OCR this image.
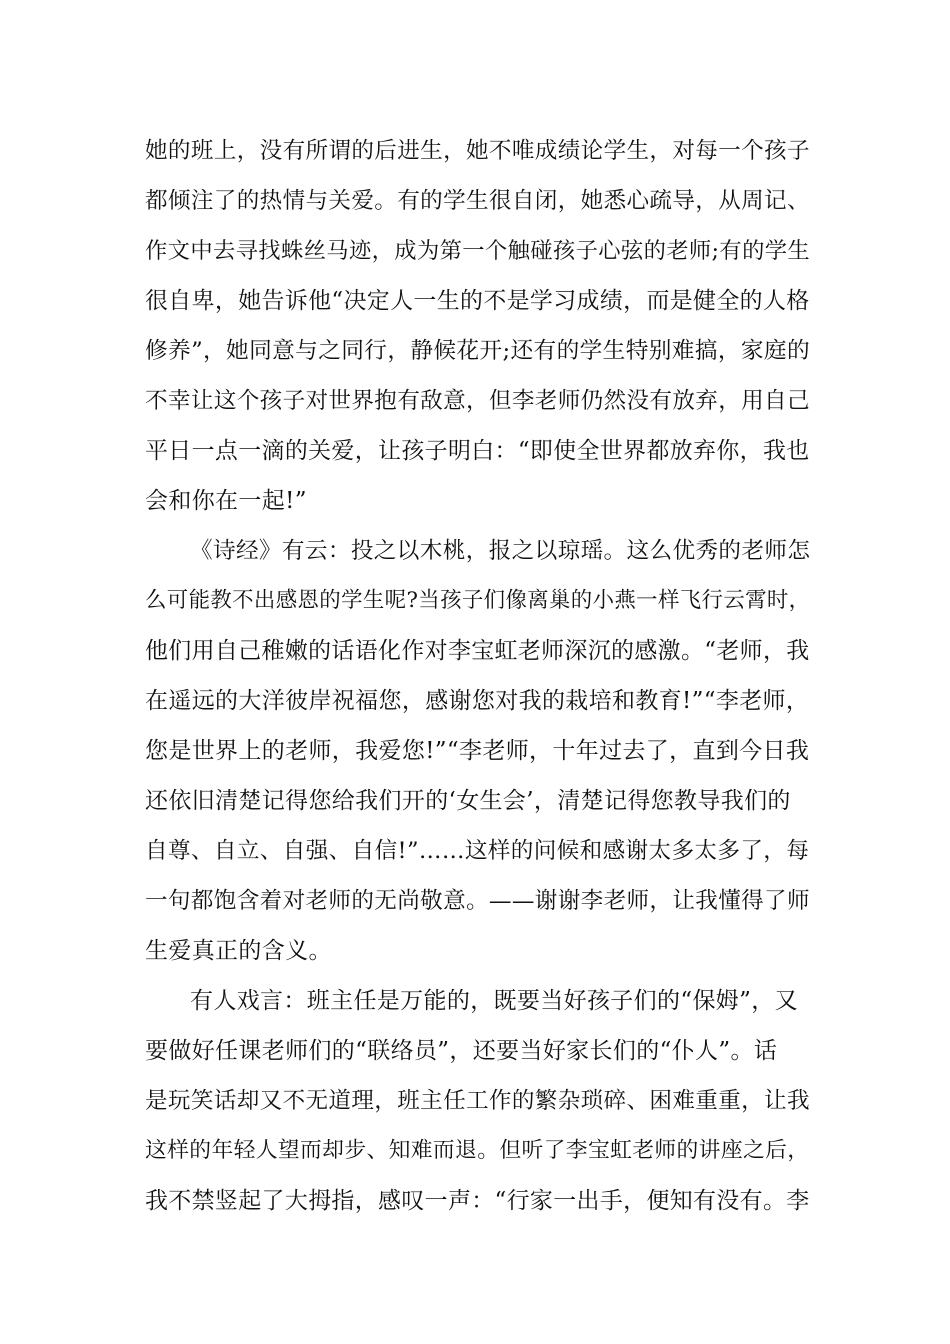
她的班上，没有所谓的后进生，她不唯成绩论学生，对每一个孩子
都倾注了的热情与关爱。有的学生很自闭，她悉心疏导，从周记、
作文中去寻找蛛丝马迹，成为第一个触碰孩子心弦的老师;有的学生
很自卑，她告诉他“决定人一生的不是学习成绩，而是健全的人格
修养”，她同意与之同行，静候花开;还有的学生特别难搞，家庭的
不幸让这个孩子对世界抱有敌意，但李老师仍然没有放弃，用自己
平日一点一滴的关爱，让孩子明白：“即使全世界都放弃你，我也
会和你在一起!”
《诗经》有云：投之以木桃，报之以琼瑶。这么优秀的老师怎
么可能教不出感恩的学生呢?当孩子们像离巢的小燕一样飞行云霄时，
他们用自己稚嫩的话语化作对李宝虹老师深沉的感激。“老师，我
在遥远的大洋彼岸祝福您，感谢您对我的栽培和教育!”“李老师，
您是世界上的老师，我爱您!”“李老师，十年过去了，直到今日我
还依旧清楚记得您给我们开的‘女生会’，清楚记得您教导我们的
自尊、自立、自强、自信!”……这样的问候和感谢太多太多了，每
一句都饱含着对老师的无尚敬意。——谢谢李老师，让我懂得了师
生爱真正的含义。
有人戏言：班主任是万能的，既要当好孩子们的“保姆”，又
要做好任课老师们的“联络员”，还要当好家长们的“仆人”。话
是玩笑话却又不无道理，班主任工作的繁杂琐碎、困难重重，让我
这样的年轻人望而却步、知难而退。但听了李宝虹老师的讲座之后，
我不禁竖起了大拇指，感叹一声：“行家一出手，便知有没有。李
